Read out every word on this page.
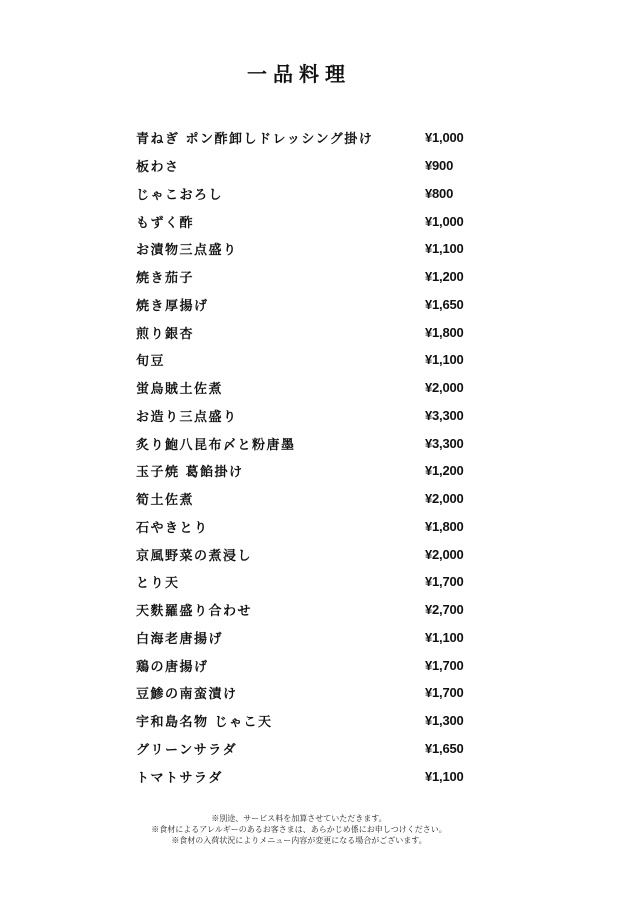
一品料理
青ねぎ ポン酢卸しドレッシング掛け	¥1,000
板わさ	¥900
じゃこおろし	¥800
もずく酢	¥1,000
お漬物三点盛り	¥1,100
焼き茄子	¥1,200
焼き厚揚げ	¥1,650
煎り銀杏	¥1,800
旬豆	¥1,100
蛍烏賊土佐煮	¥2,000
お造り三点盛り	¥3,300
炙り鮑八昆布〆と粉唐墨	¥3,300
玉子焼 葛餡掛け	¥1,200
筍土佐煮	¥2,000
石やきとり	¥1,800
京風野菜の煮浸し	¥2,000
とり天	¥1,700
天麩羅盛り合わせ	¥2,700
白海老唐揚げ	¥1,100
鶏の唐揚げ	¥1,700
豆鯵の南蛮漬け	¥1,700
宇和島名物 じゃこ天	¥1,300
グリーンサラダ	¥1,650
トマトサラダ	¥1,100
※別途、サービス料を加算させていただきます。
※食材によるアレルギーのあるお客さまは、あらかじめ係にお申しつけください。
※食材の入荷状況によりメニュー内容が変更になる場合がございます。
